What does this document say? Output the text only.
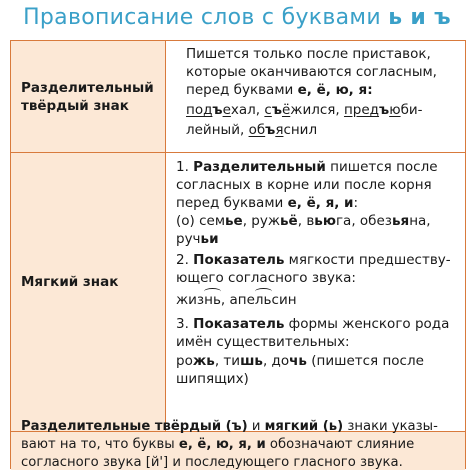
Правописание слов с буквами ь и ъ
Разделительный твёрдый знак
Пишется только после приставок,
которые оканчиваются согласным,
перед буквами е, ё, ю, я:
подъехал, съёжился, предъюби-
лейный, объяснил
Мягкий знак
1. Разделительный пишется после
согласных в корне или после корня
перед буквами е, ё, я, и:
(о) семье, ружьё, вьюга, обезьяна,
ручьи
2. Показатель мягкости предшеству-
ющего согласного звука:
жизнь, апельсин
3. Показатель формы женского рода
имён существительных:
рожь, тишь, дочь (пишется после
шипящих)
Разделительные твёрдый (ъ) и мягкий (ь) знаки указы-
вают на то, что буквы е, ё, ю, я, и обозначают слияние
согласного звука [й'] и последующего гласного звука.
